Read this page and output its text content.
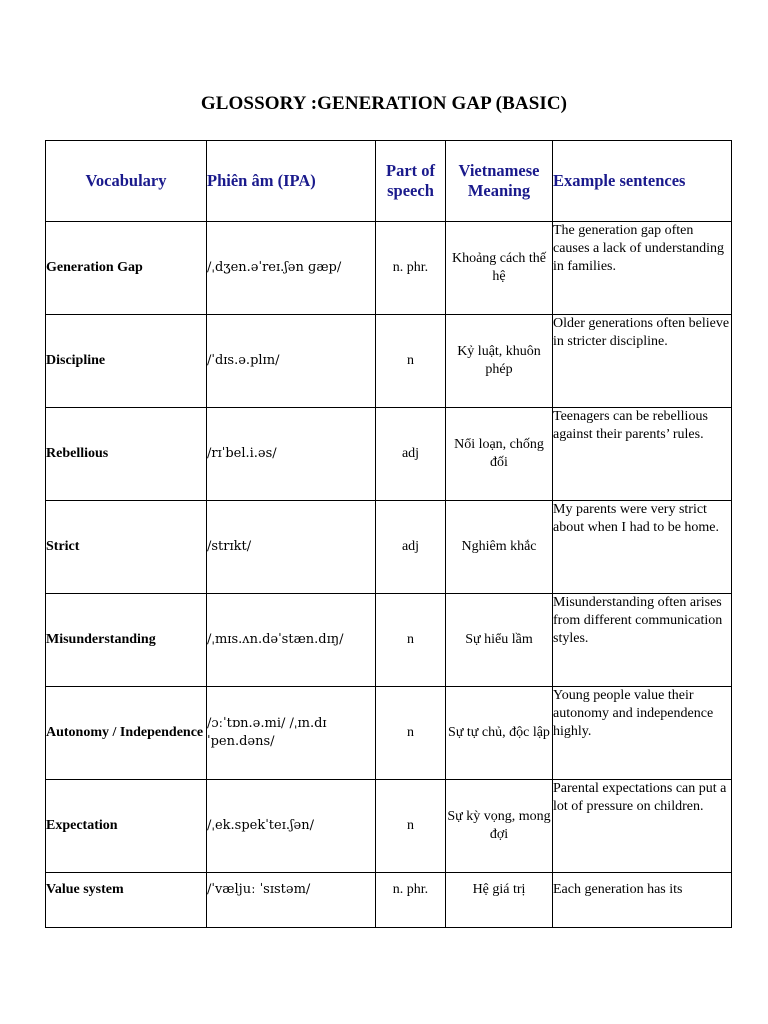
GLOSSORY :GENERATION GAP (BASIC)
Vocabulary	Phiên âm (IPA)	Part of speech	Vietnamese Meaning	Example sentences
Generation Gap	/ˌdʒen.əˈreɪ.ʃən ɡæp/	n. phr.	Khoảng cách thế hệ	The generation gap often causes a lack of understanding in families.
Discipline	/ˈdɪs.ə.plɪn/	n	Kỷ luật, khuôn phép	Older generations often believe in stricter discipline.
Rebellious	/rɪˈbel.i.əs/	adj	Nổi loạn, chống đối	Teenagers can be rebellious against their parents’ rules.
Strict	/strɪkt/	adj	Nghiêm khắc	My parents were very strict about when I had to be home.
Misunderstanding	/ˌmɪs.ʌn.dəˈstæn.dɪŋ/	n	Sự hiểu lầm	Misunderstanding often arises from different communication styles.
Autonomy / Independence	/ɔːˈtɒn.ə.mi/ /ˌɪn.dɪˈpen.dəns/	n	Sự tự chủ, độc lập	Young people value their autonomy and independence highly.
Expectation	/ˌek.spekˈteɪ.ʃən/	n	Sự kỳ vọng, mong đợi	Parental expectations can put a lot of pressure on children.
Value system	/ˈvæljuː ˈsɪstəm/	n. phr.	Hệ giá trị	Each generation has its
